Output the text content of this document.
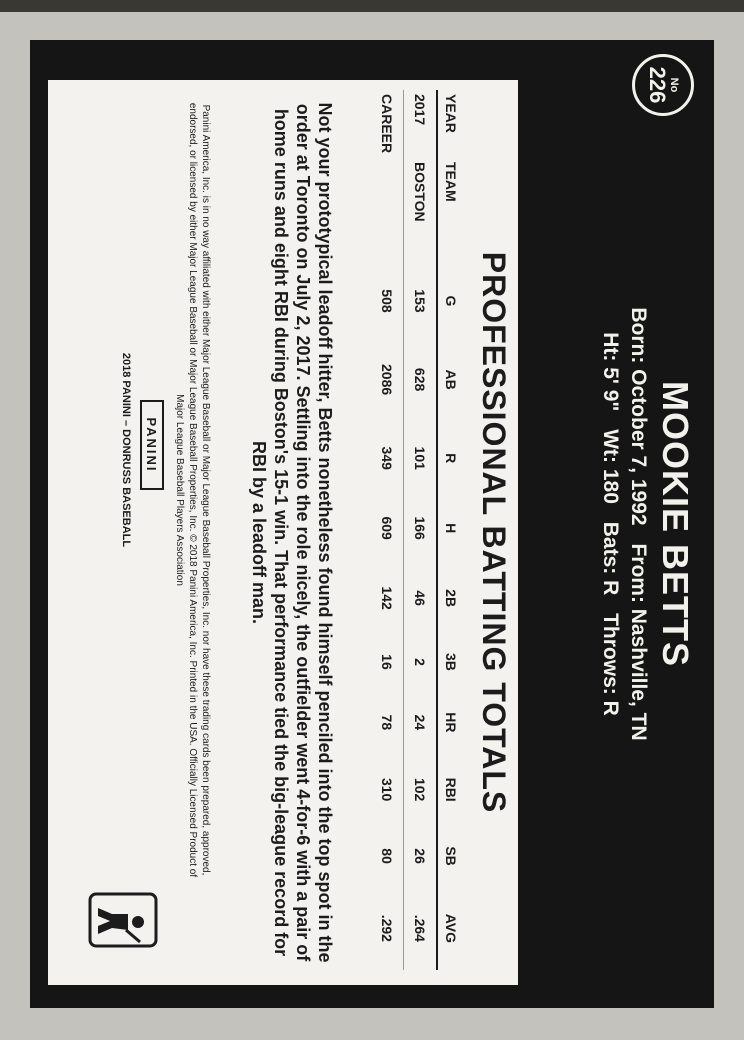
No
226
MOOKIE BETTS
Born: October 7, 1992 From: Nashville, TN
Ht: 5' 9" Wt: 180 Bats: R Throws: R
PROFESSIONAL BATTING TOTALS
YEAR	TEAM	G	AB	R	H	2B	3B	HR	RBI	SB	AVG
2017	BOSTON	153	628	101	166	46	2	24	102	26	.264
CAREER		508	2086	349	609	142	16	78	310	80	.292
Not your prototypical leadoff hitter, Betts nonetheless found himself penciled into the top spot in the order at Toronto on July 2, 2017. Settling into the role nicely, the outfielder went 4-for-6 with a pair of home runs and eight RBI during Boston's 15-1 win. That performance tied the big-league record for RBI by a leadoff man.
Panini America, Inc. is in no way affiliated with either Major League Baseball or Major League Baseball Properties, Inc. nor have these trading cards been prepared, approved, endorsed, or licensed by either Major League Baseball or Major League Baseball Properties, Inc. © 2018 Panini America, Inc. Printed in the USA. Officially Licensed Product of Major League Baseball Players Association
PANINI
2018 PANINI – DONRUSS BASEBALL
